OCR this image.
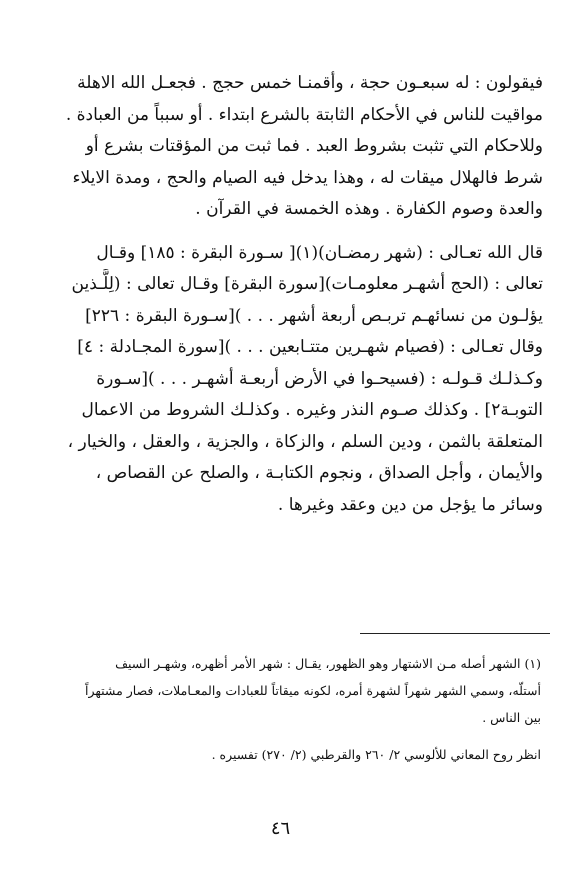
فيقولون : له سبعـون حجة ، وأقمنـا خمس حجج . فجعـل الله الاهلة
مواقيت للناس في الأحكام الثابتة بالشرع ابتداء . أو سبباً من العبادة .
وللاحكام التي تثبت بشروط العبد . فما ثبت من المؤقتات بشرع أو
شرط فالهلال ميقات له ، وهذا يدخل فيه الصيام والحج ، ومدة الايلاء
والعدة وصوم الكفارة . وهذه الخمسة في القرآن .

قال الله تعـالى : (شهر رمضـان)(١)[ سـورة البقرة : ١٨٥] وقـال
تعالى : (الحج أشهـر معلومـات)[سورة البقرة] وقـال تعالى : (لِلَّـذين
يؤلـون من نسائهـم تربـص أربعة أشهر . . . )[سـورة البقرة : ٢٢٦]
وقال تعـالى : (فصيام شهـرين متتـابعين . . . )[سورة المجـادلة : ٤]
وكـذلـك قـولـه : (فسيحـوا في الأرض أربعـة أشهـر . . . )[سـورة
التوبـة٢] . وكذلك صـوم النذر وغيره . وكذلـك الشروط من الاعمال
المتعلقة بالثمن ، ودين السلم ، والزكاة ، والجزية ، والعقل ، والخيار ،
والأيمان ، وأجل الصداق ، ونجوم الكتابـة ، والصلح عن القصاص ،
وسائر ما يؤجل من دين وعقد وغيرها .

(١) الشهر أصله مـن الاشتهار وهو الظهور، يقـال : شهر الأمر أظهره، وشهـر السيف
أستلّه، وسمي الشهر شهراً لشهرة أمره، لكونه ميقاتاً للعبادات والمعـاملات، فصار مشتهراً
بين الناس .
انظر روح المعاني للألوسي ٢/ ٢٦٠ والقرطبي (٢/ ٢٧٠) تفسيره .
٤٦
